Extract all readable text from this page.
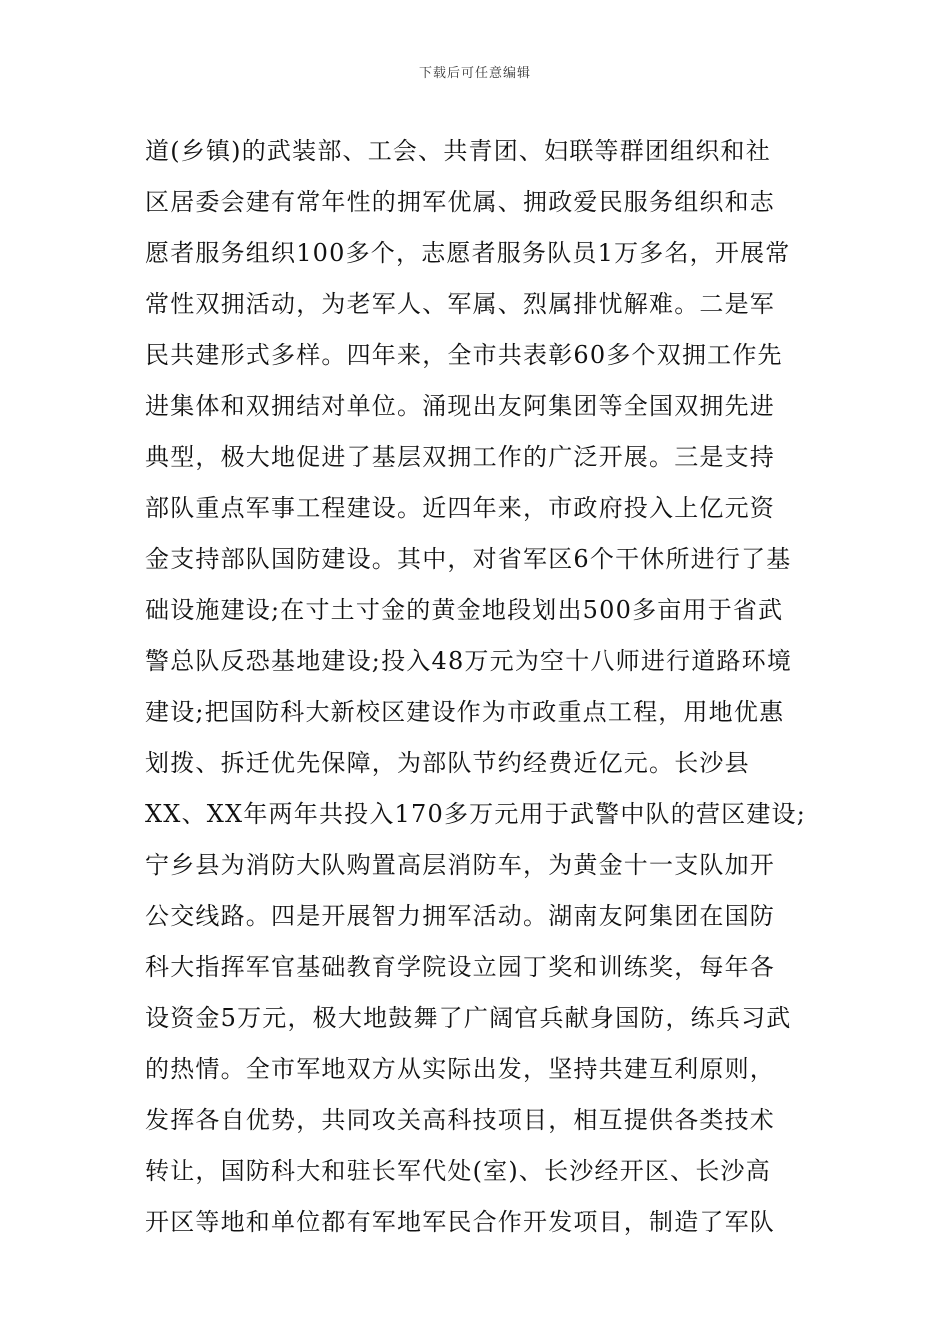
下载后可任意编辑
道(乡镇)的武装部、工会、共青团、妇联等群团组织和社
区居委会建有常年性的拥军优属、拥政爱民服务组织和志
愿者服务组织100多个，志愿者服务队员1万多名，开展常
常性双拥活动，为老军人、军属、烈属排忧解难。二是军
民共建形式多样。四年来，全市共表彰60多个双拥工作先
进集体和双拥结对单位。涌现出友阿集团等全国双拥先进
典型，极大地促进了基层双拥工作的广泛开展。三是支持
部队重点军事工程建设。近四年来，市政府投入上亿元资
金支持部队国防建设。其中，对省军区6个干休所进行了基
础设施建设;在寸土寸金的黄金地段划出500多亩用于省武
警总队反恐基地建设;投入48万元为空十八师进行道路环境
建设;把国防科大新校区建设作为市政重点工程，用地优惠
划拨、拆迁优先保障，为部队节约经费近亿元。长沙县
XX、XX年两年共投入170多万元用于武警中队的营区建设;
宁乡县为消防大队购置高层消防车，为黄金十一支队加开
公交线路。四是开展智力拥军活动。湖南友阿集团在国防
科大指挥军官基础教育学院设立园丁奖和训练奖，每年各
设资金5万元，极大地鼓舞了广阔官兵献身国防，练兵习武
的热情。全市军地双方从实际出发，坚持共建互利原则，
发挥各自优势，共同攻关高科技项目，相互提供各类技术
转让，国防科大和驻长军代处(室)、长沙经开区、长沙高
开区等地和单位都有军地军民合作开发项目，制造了军队
